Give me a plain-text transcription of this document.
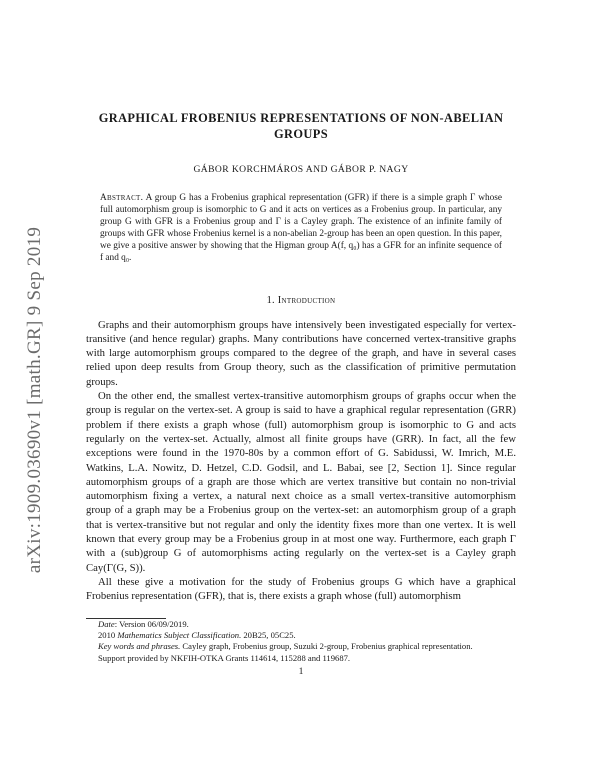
arXiv:1909.03690v1 [math.GR] 9 Sep 2019
GRAPHICAL FROBENIUS REPRESENTATIONS OF NON-ABELIAN GROUPS
GÁBOR KORCHMÁROS AND GÁBOR P. NAGY

Abstract. A group G has a Frobenius graphical representation (GFR) if there is a simple graph Γ whose full automorphism group is isomorphic to G and it acts on vertices as a Frobenius group. In particular, any group G with GFR is a Frobenius group and Γ is a Cayley graph. The existence of an infinite family of groups with GFR whose Frobenius kernel is a non-abelian 2-group has been an open question. In this paper, we give a positive answer by showing that the Higman group A(f, q₀) has a GFR for an infinite sequence of f and q₀.

1. Introduction

Graphs and their automorphism groups have intensively been investigated especially for vertex-transitive (and hence regular) graphs. Many contributions have concerned vertex-transitive graphs with large automorphism groups compared to the degree of the graph, and have in several cases relied upon deep results from Group theory, such as the classification of primitive permutation groups.

On the other end, the smallest vertex-transitive automorphism groups of graphs occur when the group is regular on the vertex-set. A group is said to have a graphical regular representation (GRR) problem if there exists a graph whose (full) automorphism group is isomorphic to G and acts regularly on the vertex-set. Actually, almost all finite groups have (GRR). In fact, all the few exceptions were found in the 1970-80s by a common effort of G. Sabidussi, W. Imrich, M.E. Watkins, L.A. Nowitz, D. Hetzel, C.D. Godsil, and L. Babai, see [2, Section 1]. Since regular automorphism groups of a graph are those which are vertex transitive but contain no non-trivial automorphism fixing a vertex, a natural next choice as a small vertex-transitive automorphism group of a graph may be a Frobenius group on the vertex-set: an automorphism group of a graph that is vertex-transitive but not regular and only the identity fixes more than one vertex. It is well known that every group may be a Frobenius group in at most one way. Furthermore, each graph Γ with a (sub)group G of automorphisms acting regularly on the vertex-set is a Cayley graph Cay(Γ(G, S)).

All these give a motivation for the study of Frobenius groups G which have a graphical Frobenius representation (GFR), that is, there exists a graph whose (full) automorphism

Date: Version 06/09/2019.

2010 Mathematics Subject Classification. 20B25, 05C25.

Key words and phrases. Cayley graph, Frobenius group, Suzuki 2-group, Frobenius graphical representation.

Support provided by NKFIH-OTKA Grants 114614, 115288 and 119687.

1
